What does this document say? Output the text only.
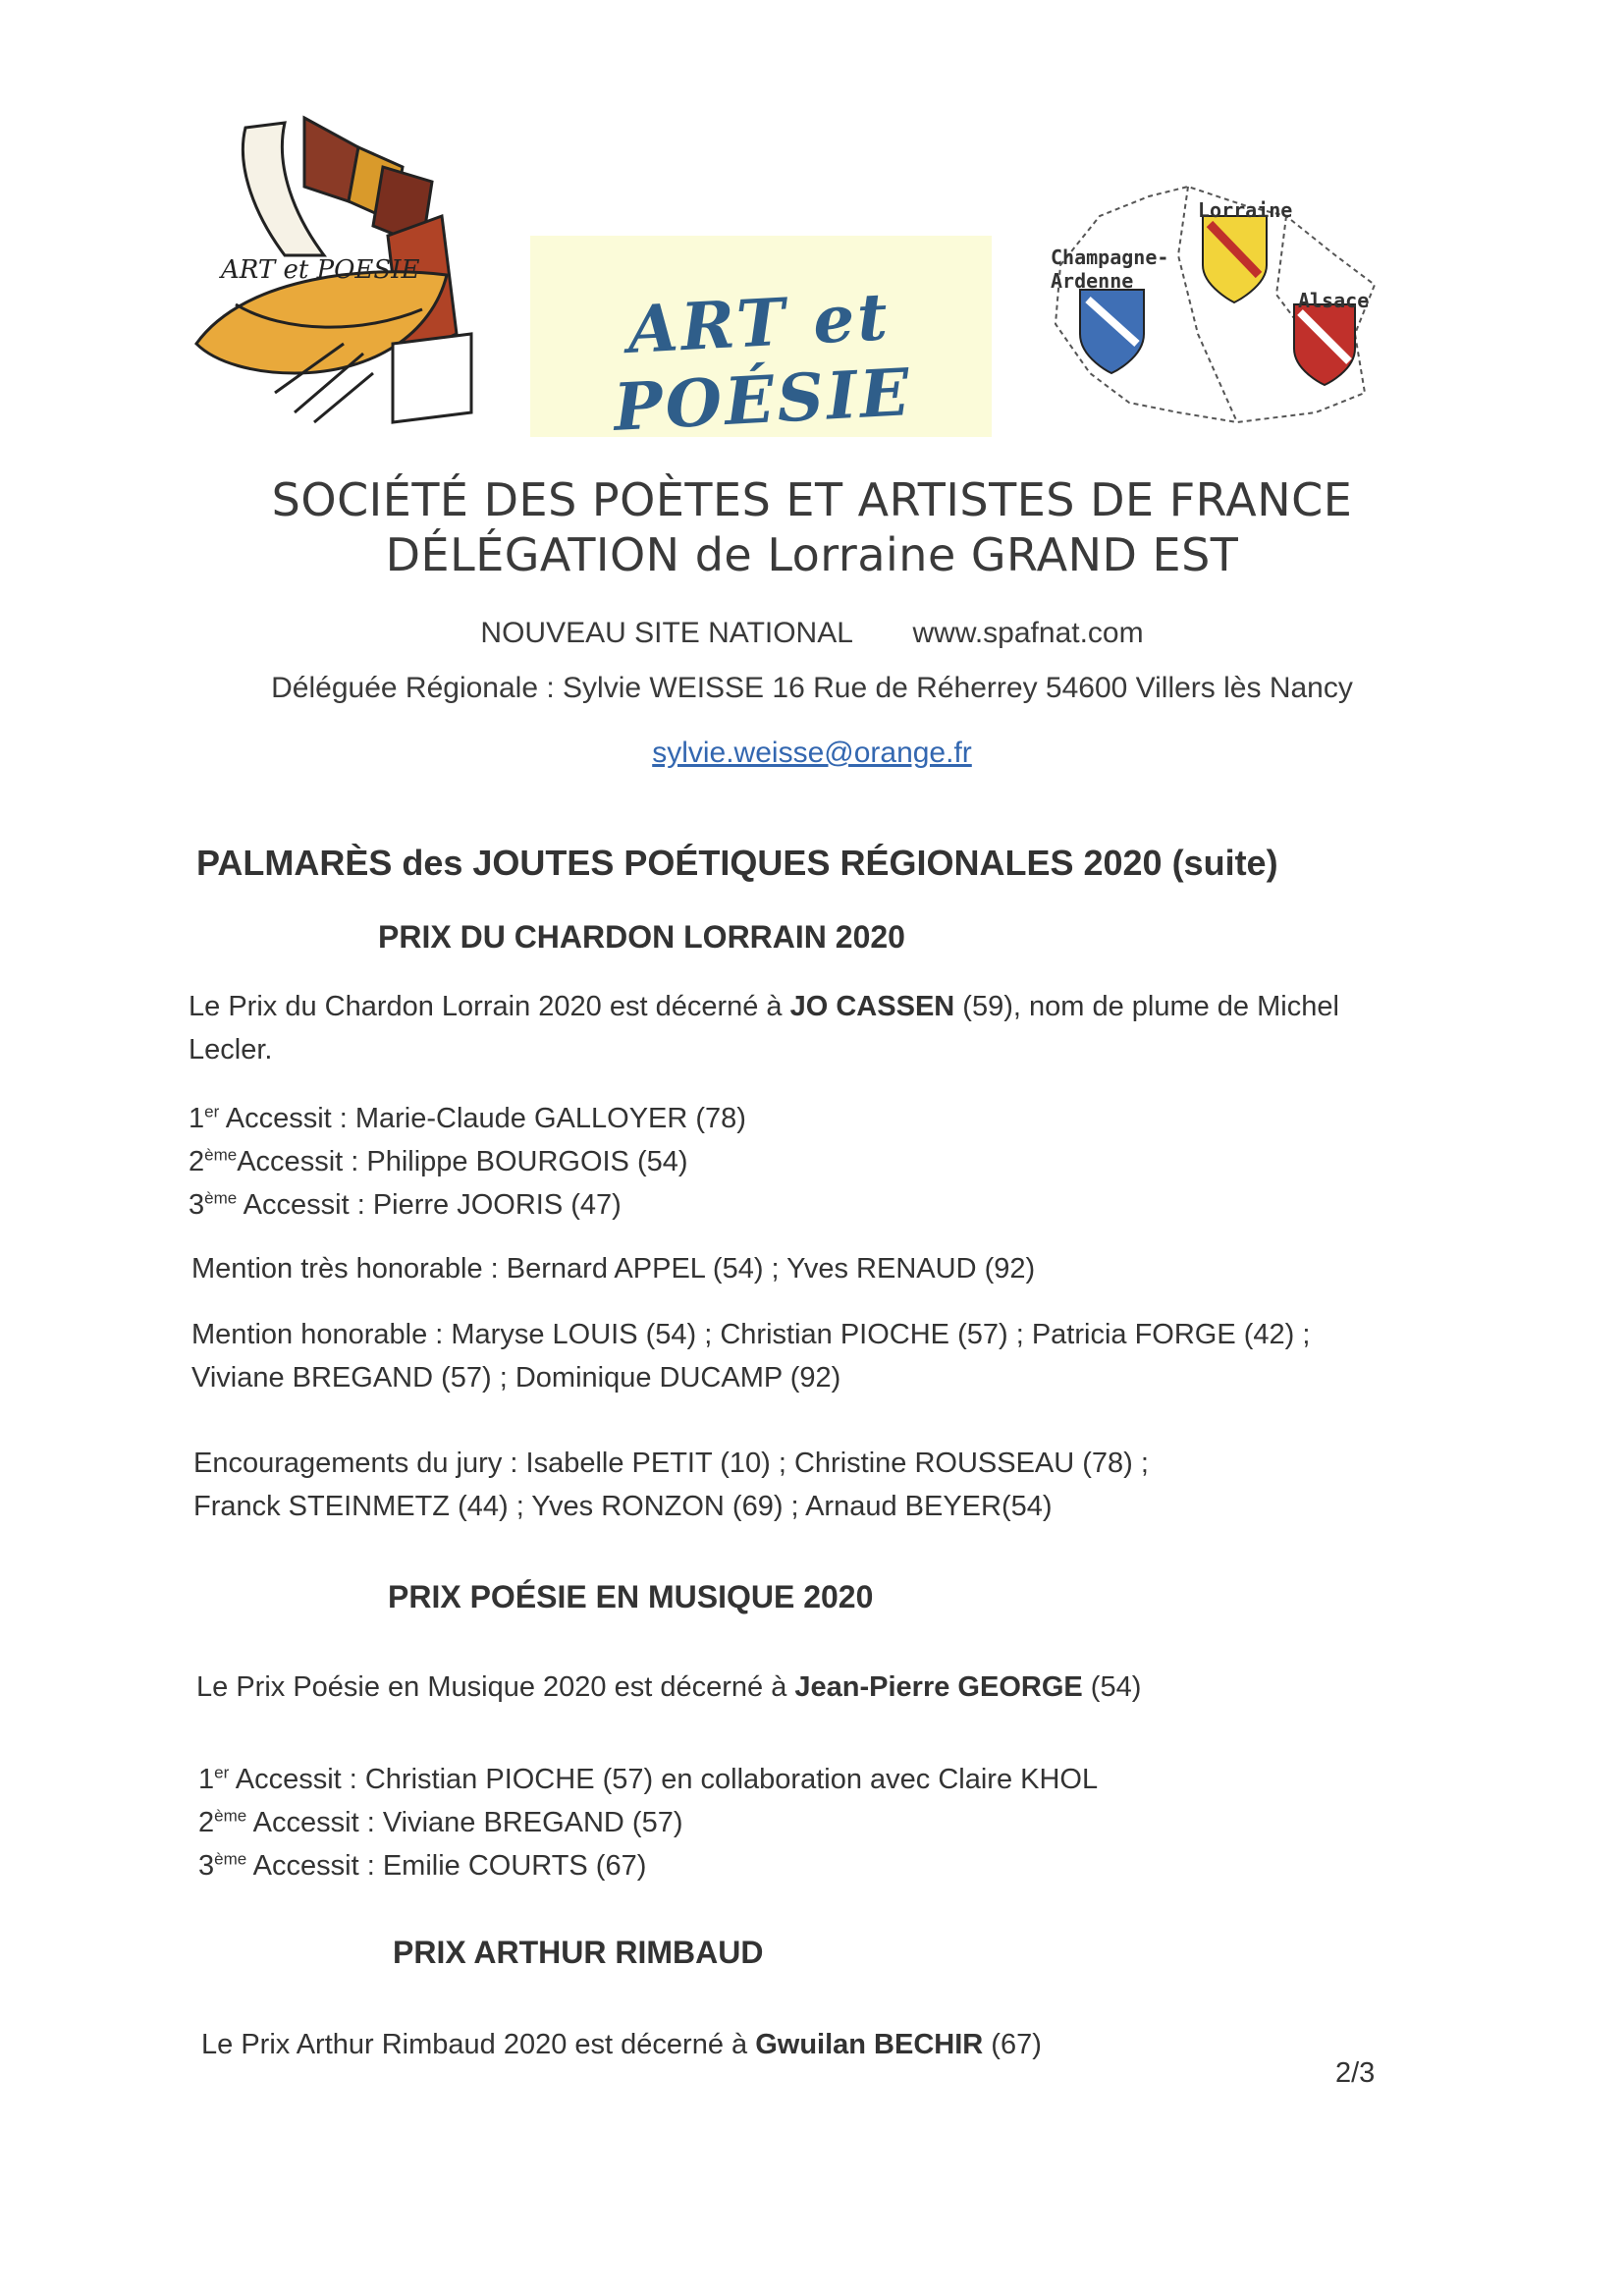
ART et POESIE
ART et POÉSIE
Lorraine
Champagne-Ardenne
Alsace
SOCIÉTÉ DES POÈTES ET ARTISTES DE FRANCE
DÉLÉGATION de Lorraine GRAND EST
NOUVEAU SITE NATIONAL www.spafnat.com
Déléguée Régionale : Sylvie WEISSE 16 Rue de Réherrey 54600 Villers lès Nancy
sylvie.weisse@orange.fr
PALMARÈS des JOUTES POÉTIQUES RÉGIONALES 2020 (suite)
PRIX DU CHARDON LORRAIN 2020
Le Prix du Chardon Lorrain 2020 est décerné à JO CASSEN (59), nom de plume de Michel
Lecler.
1er Accessit : Marie-Claude GALLOYER (78)
2èmeAccessit : Philippe BOURGOIS (54)
3ème Accessit : Pierre JOORIS (47)
Mention très honorable : Bernard APPEL (54) ; Yves RENAUD (92)
Mention honorable : Maryse LOUIS (54) ; Christian PIOCHE (57) ; Patricia FORGE (42) ;
Viviane BREGAND (57) ; Dominique DUCAMP (92)
Encouragements du jury : Isabelle PETIT (10) ; Christine ROUSSEAU (78) ;
Franck STEINMETZ (44) ; Yves RONZON (69) ; Arnaud BEYER(54)
PRIX POÉSIE EN MUSIQUE 2020
Le Prix Poésie en Musique 2020 est décerné à Jean-Pierre GEORGE (54)
1er Accessit : Christian PIOCHE (57) en collaboration avec Claire KHOL
2ème Accessit : Viviane BREGAND (57)
3ème Accessit : Emilie COURTS (67)
PRIX ARTHUR RIMBAUD
Le Prix Arthur Rimbaud 2020 est décerné à Gwuilan BECHIR (67)
2/3
